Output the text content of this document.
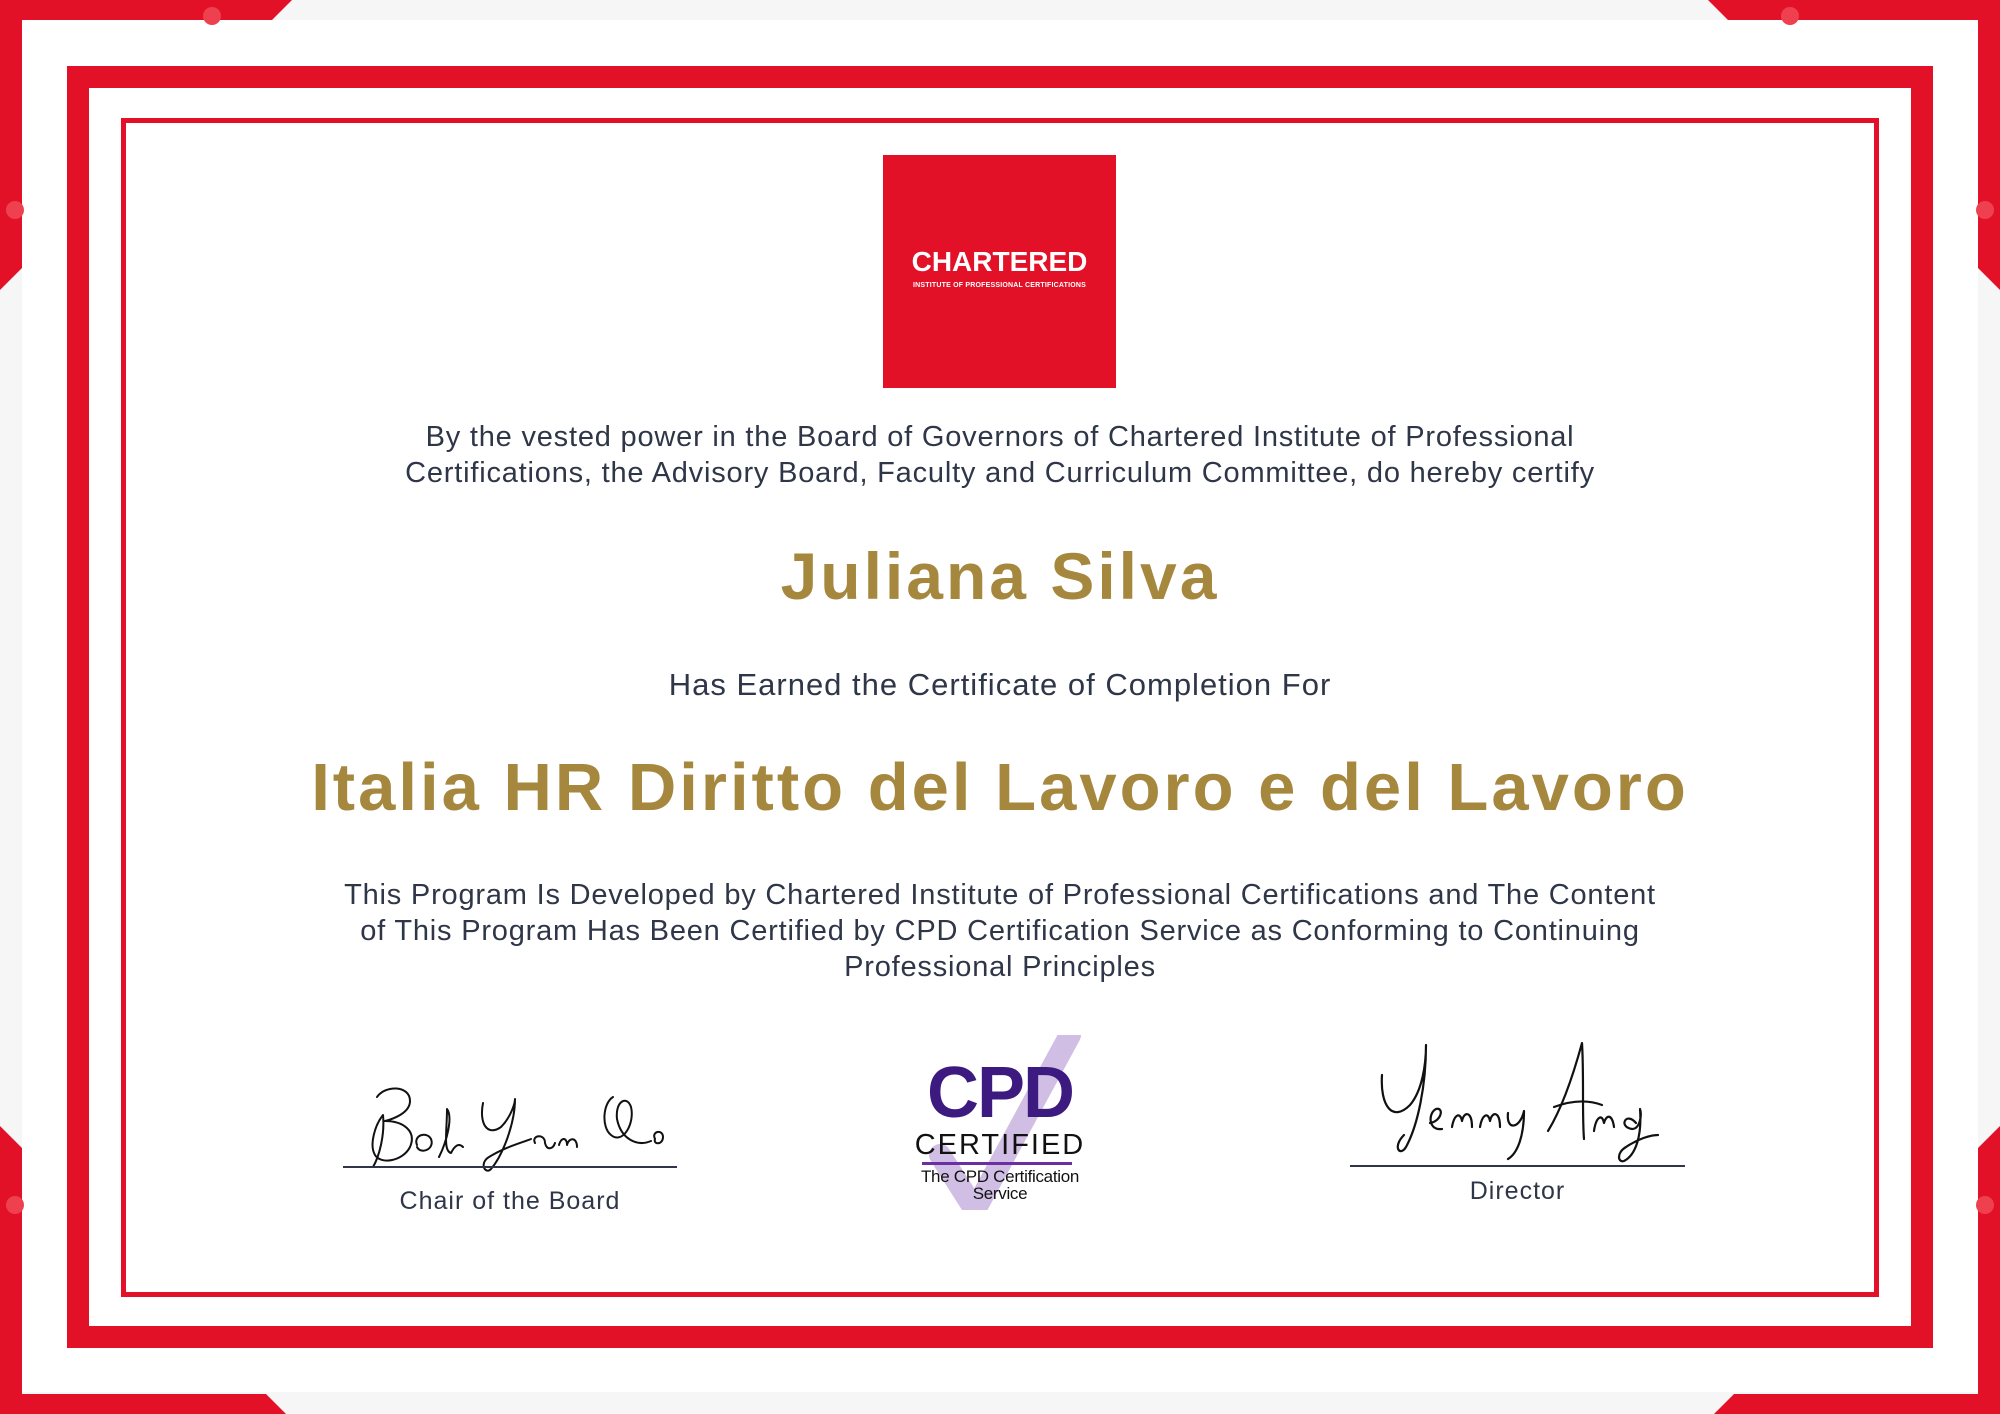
CHARTERED
INSTITUTE OF PROFESSIONAL CERTIFICATIONS
By the vested power in the Board of Governors of Chartered Institute of Professional
Certifications, the Advisory Board, Faculty and Curriculum Committee, do hereby certify
Juliana Silva
Has Earned the Certificate of Completion For
Italia HR Diritto del Lavoro e del Lavoro
This Program Is Developed by Chartered Institute of Professional Certifications and The Content
of This Program Has Been Certified by CPD Certification Service as Conforming to Continuing
Professional Principles
Chair of the Board
CPD
CERTIFIED
The CPD Certification
Service	Director
